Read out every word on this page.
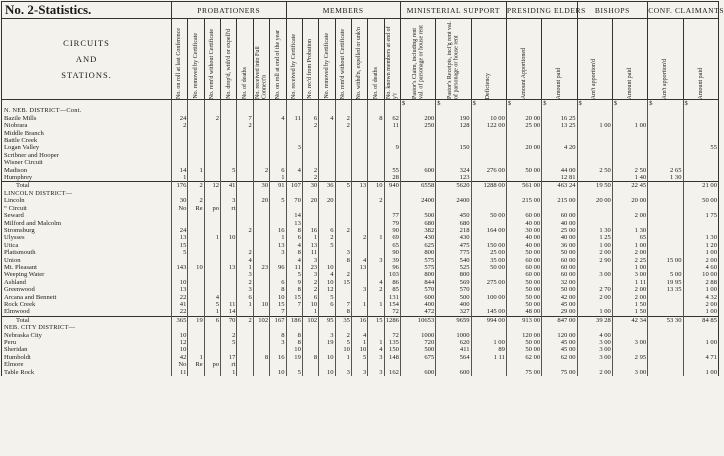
No. 2-Statistics.	PROBATIONERS							MEMBERS							MINISTERIAL SUPPORT			PRESIDING ELDERS		BISHOPS		CONF. CLAIMANTS	

CIRCUITS
AND
STATIONS.	No. on roll at last Conference	No. removed by Certificate	No. rem'd without Certificate	No. drop'd, with'd or expell'd	No. of deaths	No. received into Full Connect'n	No. on roll at end of the year	No. received by Certificate	No. rec'd from Probation	No. removed by Certificate	No. rem'd without Certificate	No. withd'n, expelled or unk'n	No. of deaths	No. known members at end of y'r	Pastor's Claim, including rent val. of parsonage or house rent	Pastor's Receipts, incl'g rent val. of parsonage or house rent	Deficiency	Amount Apportioned	Amount paid	Am't apportion'd	Amount paid	Am't apportion'd	Amount paid

															$	$	$	$	$	$	$	$	$
N. NEB. DISTRICT—Cont.																							
Bazile Mills	24		2		7		4	11	6	4	2		8	62	200	190	10 00	20 00	16 25				
Niobrara	2				2				2		2			11	250	128	122 00	25 00	13 25	1 00	1 00		
Middle Branch																							
Battle Creek																							
Logan Valley								3						9		150		20 00	4 20				55
Scribner and Hooper																							
Wisner Circuit																							
Madison	14	1		5		2	6	4	2					55	600	324	276 00	50 00	44 00	2 50	2 50	2 65	
Humphrey	1						1		2					28		123			12 81		1 40	1 30	
Total	176	2	12	41		30	91	107	30	36	5	13	10	940	6558	5620	1288 00	561 00	463 24	19 50	22 45		21 00
LINCOLN DISTRICT—																							
Lincoln	30	2		3		20	5	70	20	20			2		2400	2400		215 00	215 00	20 00	20 00		50 00
“ Circuit	No	Re	po	rt																			
Seward								14						77	500	450	50 00	60 00	60 00		2 00		1 75
Milford and Malcolm								13						79	680	680		40 00	40 00				
Stromsburg	24				2		16	8	16	6	2			90	382	218	164 00	30 00	25 00	1 30	1 30		
Ulysses	13		1	10			1	6	1	2		2	1	69	430	430		40 00	40 00	1 25	65		1 30
Utica	15						13	4	13	5				65	625	475	150 00	40 00	36 00	1 00	1 00		1 20
Plattsmouth	5				2		3	8	11		3			90	800	775	25 00	50 00	50 00	2 00	2 00		1 00
Union					4			4	3		8	4	3	39	575	540	35 00	60 00	60 00	2 90	2 25	15 00	2 00
Mt. Pleasant	143	10		13	1	23	96	11	23	10		13		96	575	525	50 00	60 00	60 00		1 00		4 60
Weeping Water					3			5	3	4	2			103	800	800		60 00	60 00	3 00	3 00	5 00	10 00
Ashland	10				2		6	9	2	10	15		4	86	844	569	275 00	50 00	32 00		1 11	19 95	2 88
Greenwood	13				3		8	8	2	12		3	2	85	570	570		50 00	50 00	2 70	2 00	13 35	1 00
Arcana and Bennett	22		4		6		10	15	6	5				131	600	500	100 00	50 00	42 00	2 00	2 00		4 32
Rock Creek	41		5	11	1	10	15	7	10	6	7	1	1	154	400	400		50 00	45 00		1 50		2 00
Elmwood	22		1	14			7		1		8			72	472	327	145 00	48 00	29 00	1 00	1 50		1 00
Total	365	19	6	70	2	102	167	186	102	95	35	16	15	1286	10653	9659	994 00	913 00	847 00	39 28	42 34	53 30	84 85
NEB. CITY DISTRICT—																							
Nebraska City	10			2			8	8		3	2	4		72	1000	1000		120 00	120 00	4 00			
Peru	12			5			3	8		19	5	1	1	135	720	620	1 00	50 00	45 00	3 00	3 00		1 00
Sheridan	10							10			10	10	4	150	500	411	89	50 00	45 00	3 00			
Humboldt	42	1		17		8	16	19	8	10	1	5	3	148	675	564	1 11	62 00	62 00	3 00	2 95		4 71
Elmore	No	Re	po	rt																			
Table Rock	11			1			10	5		10	3	3	3	162	600	600		75 00	75 00	2 00	3 00		1 00
